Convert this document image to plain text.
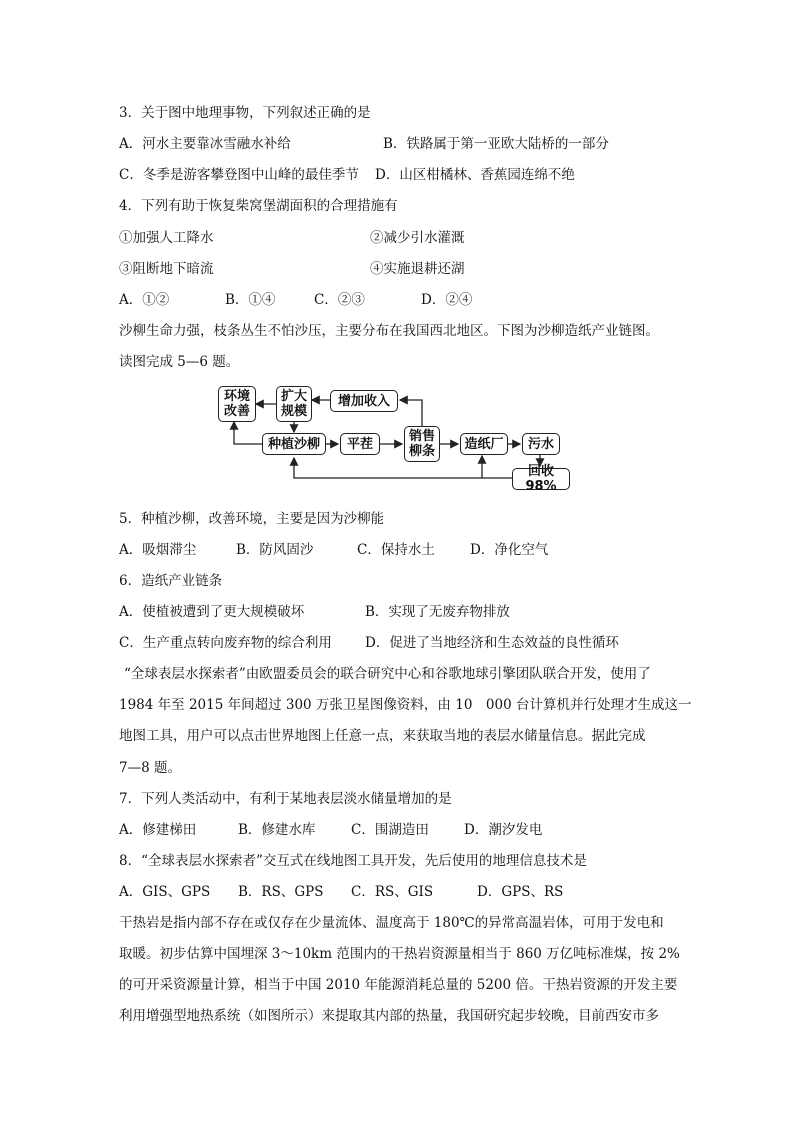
3．关于图中地理事物，下列叙述正确的是
A．河水主要靠冰雪融水补给	B．铁路属于第一亚欧大陆桥的一部分
C．冬季是游客攀登图中山峰的最佳季节 D．山区柑橘林、香蕉园连绵不绝
4．下列有助于恢复柴窝堡湖面积的合理措施有
①加强人工降水	②减少引水灌溉
③阻断地下暗流	④实施退耕还湖
A．①②	B．①④	C．②③	D．②④
沙柳生命力强，枝条丛生不怕沙压，主要分布在我国西北地区。下图为沙柳造纸产业链图。
读图完成 5—6 题。
环境
改善
扩大
规模
增加收入
种植沙柳	平茬	销售
柳条	造纸厂	污水
回收98%
5．种植沙柳，改善环境，主要是因为沙柳能
A．吸烟滞尘	B．防风固沙	C．保持水土	D．净化空气
6．造纸产业链条
A．使植被遭到了更大规模破坏	B．实现了无废弃物排放
C．生产重点转向废弃物的综合利用 D．促进了当地经济和生态效益的良性循环
“全球表层水探索者”由欧盟委员会的联合研究中心和谷歌地球引擎团队联合开发，使用了
1984 年至 2015 年间超过 300 万张卫星图像资料，由 10　000 台计算机并行处理才生成这一
地图工具，用户可以点击世界地图上任意一点，来获取当地的表层水储量信息。据此完成
7—8 题。
7．下列人类活动中，有利于某地表层淡水储量增加的是
A．修建梯田	B．修建水库	C．围湖造田	D．潮汐发电
8．“全球表层水探索者”交互式在线地图工具开发，先后使用的地理信息技术是
A．GIS、GPS B．RS、GPS C．RS、GIS	D．GPS、RS
干热岩是指内部不存在或仅存在少量流体、温度高于 180℃的异常高温岩体，可用于发电和
取暖。初步估算中国埋深 3～10km 范围内的干热岩资源量相当于 860 万亿吨标准煤，按 2%
的可开采资源量计算，相当于中国 2010 年能源消耗总量的 5200 倍。干热岩资源的开发主要
利用增强型地热系统（如图所示）来提取其内部的热量，我国研究起步较晚，目前西安市多
